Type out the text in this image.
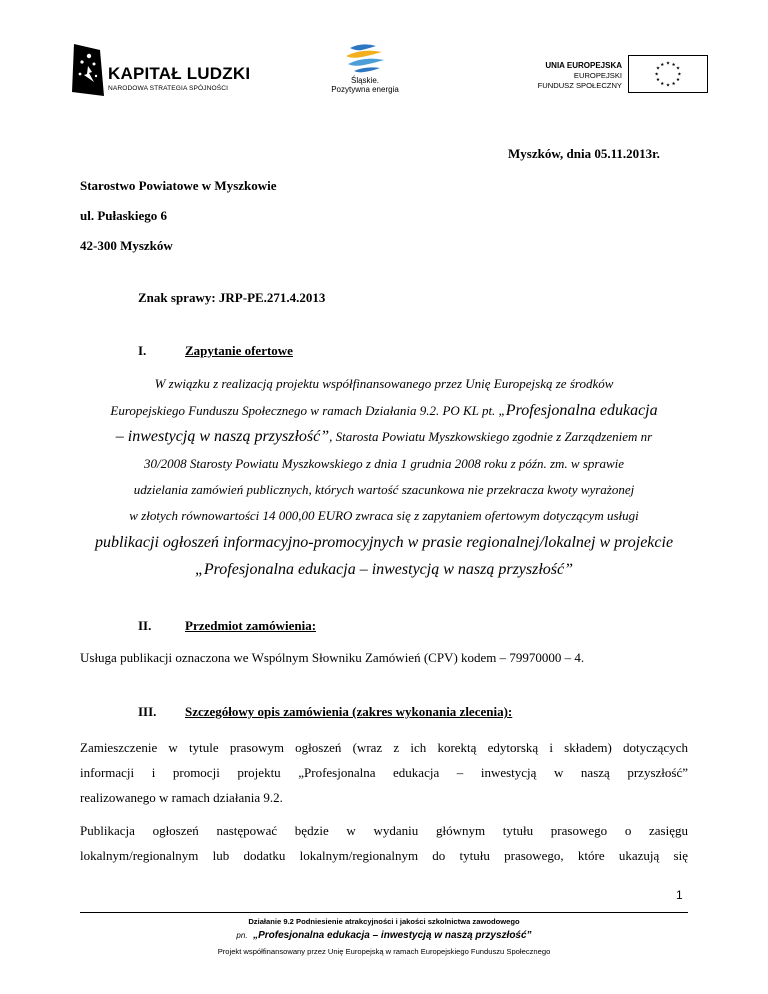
KAPITAŁ LUDZKI
NARODOWA STRATEGIA SPÓJNOŚCI
Śląskie.
Pozytywna energia
UNIA EUROPEJSKA
EUROPEJSKI
FUNDUSZ SPOŁECZNY
★ ★
★
★
★
★
★
★
★
★
★
★
Myszków, dnia 05.11.2013r.
Starostwo Powiatowe w Myszkowie
ul. Pułaskiego 6
42-300 Myszków
Znak sprawy: JRP-PE.271.4.2013
I.	Zapytanie ofertowe
W związku z realizacją projektu współfinansowanego przez Unię Europejską ze środków
Europejskiego Funduszu Społecznego w ramach Działania 9.2. PO KL pt. „Profesjonalna edukacja
– inwestycją w naszą przyszłość”, Starosta Powiatu Myszkowskiego zgodnie z Zarządzeniem nr
30/2008 Starosty Powiatu Myszkowskiego z dnia 1 grudnia 2008 roku z późn. zm. w sprawie
udzielania zamówień publicznych, których wartość szacunkowa nie przekracza kwoty wyrażonej
w złotych równowartości 14 000,00 EURO zwraca się z zapytaniem ofertowym dotyczącym usługi
publikacji ogłoszeń informacyjno-promocyjnych w prasie regionalnej/lokalnej w projekcie
„Profesjonalna edukacja – inwestycją w naszą przyszłość”
II.	Przedmiot zamówienia:
Usługa publikacji oznaczona we Wspólnym Słowniku Zamówień (CPV) kodem – 79970000 – 4.
III. Szczegółowy opis zamówienia (zakres wykonania zlecenia):
Zamieszczenie w tytule prasowym ogłoszeń (wraz z ich korektą edytorską i składem) dotyczących
informacji i promocji projektu „Profesjonalna edukacja – inwestycją w naszą przyszłość”
realizowanego w ramach działania 9.2.
Publikacja ogłoszeń następować będzie w wydaniu głównym tytułu prasowego o zasięgu
lokalnym/regionalnym lub dodatku lokalnym/regionalnym do tytułu prasowego, które ukazują się
1
Działanie 9.2 Podniesienie atrakcyjności i jakości szkolnictwa zawodowego
pn. „Profesjonalna edukacja – inwestycją w naszą przyszłość”
Projekt współfinansowany przez Unię Europejską w ramach Europejskiego Funduszu Społecznego
